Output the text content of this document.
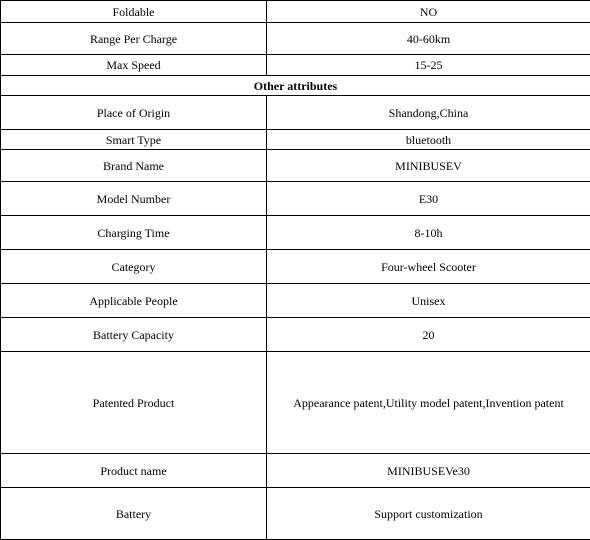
Foldable	NO
Range Per Charge	40-60km
Max Speed	15-25
Other attributes	
Place of Origin	Shandong,China
Smart Type	bluetooth
Brand Name	MINIBUSEV
Model Number	E30
Charging Time	8-10h
Category	Four-wheel Scooter
Applicable People	Unisex
Battery Capacity	20
Patented Product	Appearance patent,Utility model patent,Invention patent
Product name	MINIBUSEVe30
Battery	Support customization
